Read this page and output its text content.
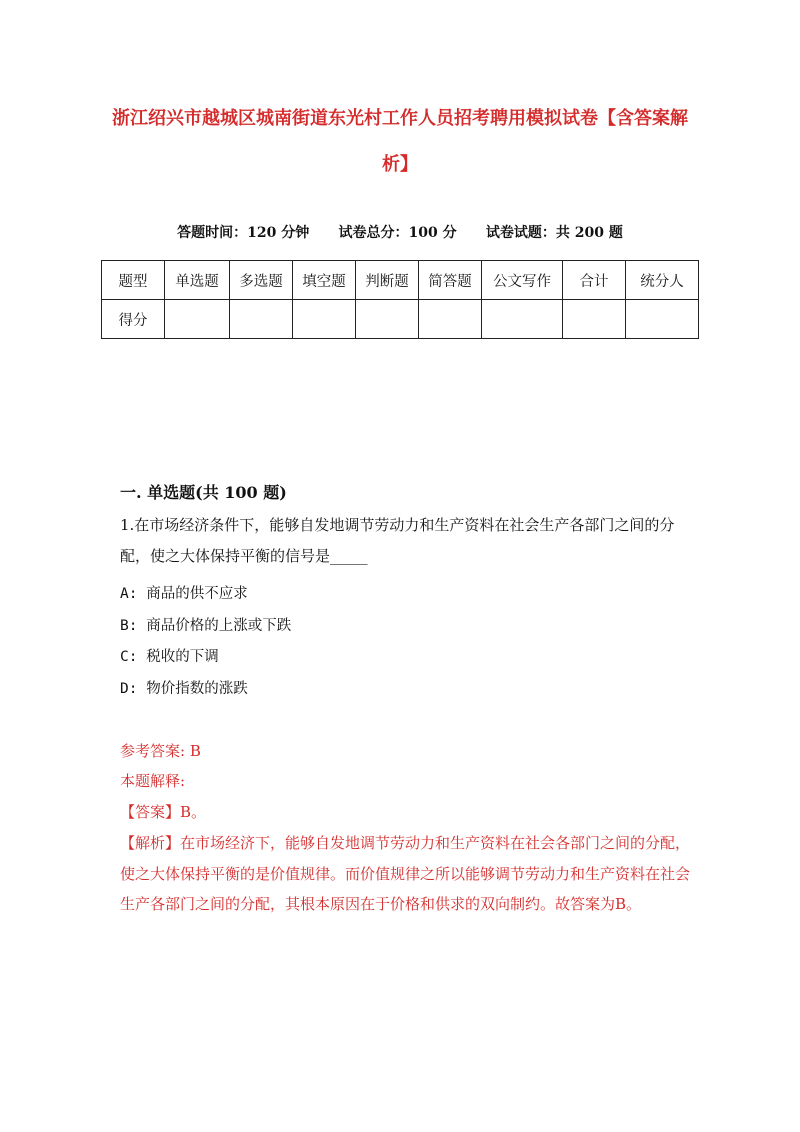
浙江绍兴市越城区城南街道东光村工作人员招考聘用模拟试卷【含答案解析】
答题时间：120 分钟 试卷总分：100 分 试卷试题：共 200 题
题型	单选题	多选题	填空题	判断题	简答题	公文写作	合计	统分人
得分								
一. 单选题(共 100 题)
1.在市场经济条件下，能够自发地调节劳动力和生产资料在社会生产各部门之间的分配，使之大体保持平衡的信号是_____
A: 商品的供不应求
B: 商品价格的上涨或下跌
C: 税收的下调
D: 物价指数的涨跌
参考答案: B
本题解释:
【答案】B。
【解析】在市场经济下，能够自发地调节劳动力和生产资料在社会各部门之间的分配，使之大体保持平衡的是价值规律。而价值规律之所以能够调节劳动力和生产资料在社会生产各部门之间的分配，其根本原因在于价格和供求的双向制约。故答案为B。
